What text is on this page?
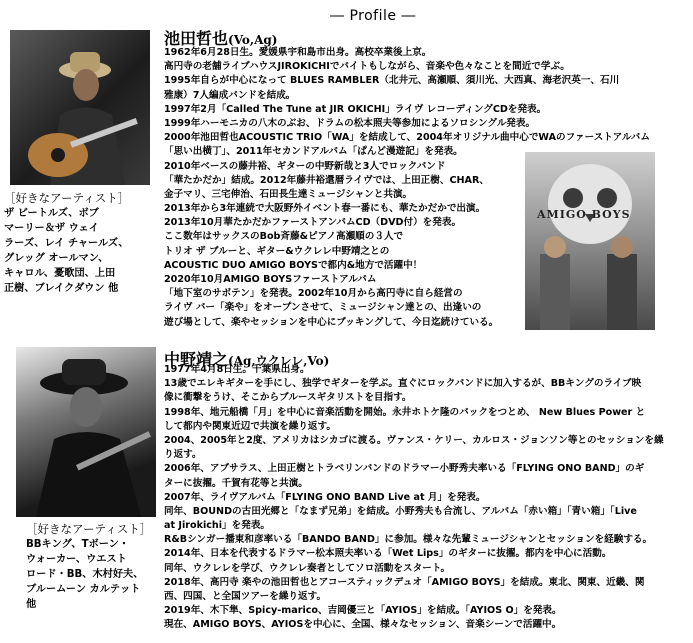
― Profile ―
［好きなアーティスト］
ザ ビートルズ、ボブ
マーリー＆ザ ウェイ
ラーズ、レイ チャールズ、
グレッグ オールマン、
キャロル、憂歌団、上田
正樹、ブレイクダウン 他
池田哲也(Vo,Ag)
1962年6月28日生。愛媛県宇和島市出身。高校卒業後上京。
高円寺の老舗ライブハウスJIROKICHIでバイトもしながら、音楽や色々なことを間近で学ぶ。
1995年自らが中心になって BLUES RAMBLER（北井元、高瀬順、須川光、大西真、海老沢英一、石川
雅康）7人編成バンドを結成。
1997年2月「Called The Tune at JIR OKICHI」ライヴ レコーディングCDを発表。
1999年ハーモニカの八木のぶお、ドラムの松本照夫等参加によるソロシングル発表。
2000年池田哲也ACOUSTIC TRIO「WA」を結成して、2004年オリジナル曲中心でWAのファーストアルバム
「思い出横丁」、2011年セカンドアルバム「ぱんど漫遊記」を発表。
2010年ベースの藤井裕、ギターの中野新哉と3人でロックバンド
「華たかだか」結成。2012年藤井裕還暦ライヴでは、上田正樹、CHAR、
金子マリ、三宅伸治、石田長生達ミュージシャンと共演。
2013年から3年連続で大阪野外イベント春一番にも、華たかだかで出演。
2013年10月華たかだかファーストアンバムCD（DVD付）を発表。
ここ数年はサックスのBob斉藤&ピアノ高瀬順の３人で
トリオ ザ ブルーと、ギター&ウクレレ中野靖之との
ACOUSTIC DUO AMIGO BOYSで都内&地方で活躍中！
2020年10月AMIGO BOYSファーストアルバム
「地下室のサボテン」を発表。2002年10月から高円寺に自ら経営の
ライヴ バー「楽や」をオープンさせて、ミュージシャン達との、出逢いの
遊び場として、楽やセッションを中心にブッキングして、今日迄続けている。
AMIGO BOYS
［好きなアーティスト］
BBキング、Tボーン・
ウォーカー、ウエスト
ロード・BB、木村好夫、
ブルームーン カルテット
他
中野靖之(Ag,ウクレレ,Vo)
1977年4月8日生。千葉県出身。
13歳でエレキギターを手にし、独学でギターを学ぶ。直ぐにロックバンドに加入するが、BBキングのライブ映
像に衝撃をうけ、そこからブルースギタリストを目指す。
1998年、地元船橋「月」を中心に音楽活動を開始。永井ホトケ隆のバックをつとめ、 New Blues Power と
して都内や関東近辺で共演を繰り返す。
2004、2005年と2度、アメリカはシカゴに渡る。ヴァンス・ケリー、カルロス・ジョンソン等とのセッションを繰
り返す。
2006年、アブサラス、上田正樹とトラベリンバンドのドラマー小野秀夫率いる「FLYING ONO BAND」のギ
ターに抜擢。千賀有花等と共演。
2007年、ライヴアルバム「FLYING ONO BAND Live at 月」を発表。
同年、BOUNDの古田光郷と「なまず兄弟」を結成。小野秀夫も合流し、アルバム「赤い箱」「青い箱」「Live
at Jirokichi」を発表。
R&Bシンガー播東和彦率いる「BANDO BAND」に参加。様々な先輩ミュージシャンとセッションを経験する。
2014年、日本を代表するドラマー松本照夫率いる「Wet Lips」のギターに抜擢。都内を中心に活動。
同年、ウクレレを学び、ウクレレ奏者としてソロ活動をスタート。
2018年、高円寺 楽やの池田哲也とアコースティックデュオ「AMIGO BOYS」を結成。東北、関東、近畿、関
西、四国、と全国ツアーを繰り返す。
2019年、木下隼、Spicy-marico、吉岡優三と「AYIOS」を結成。「AYIOS O」を発表。
現在、AMIGO BOYS、AYIOSを中心に、全国、様々なセッション、音楽シーンで活躍中。
